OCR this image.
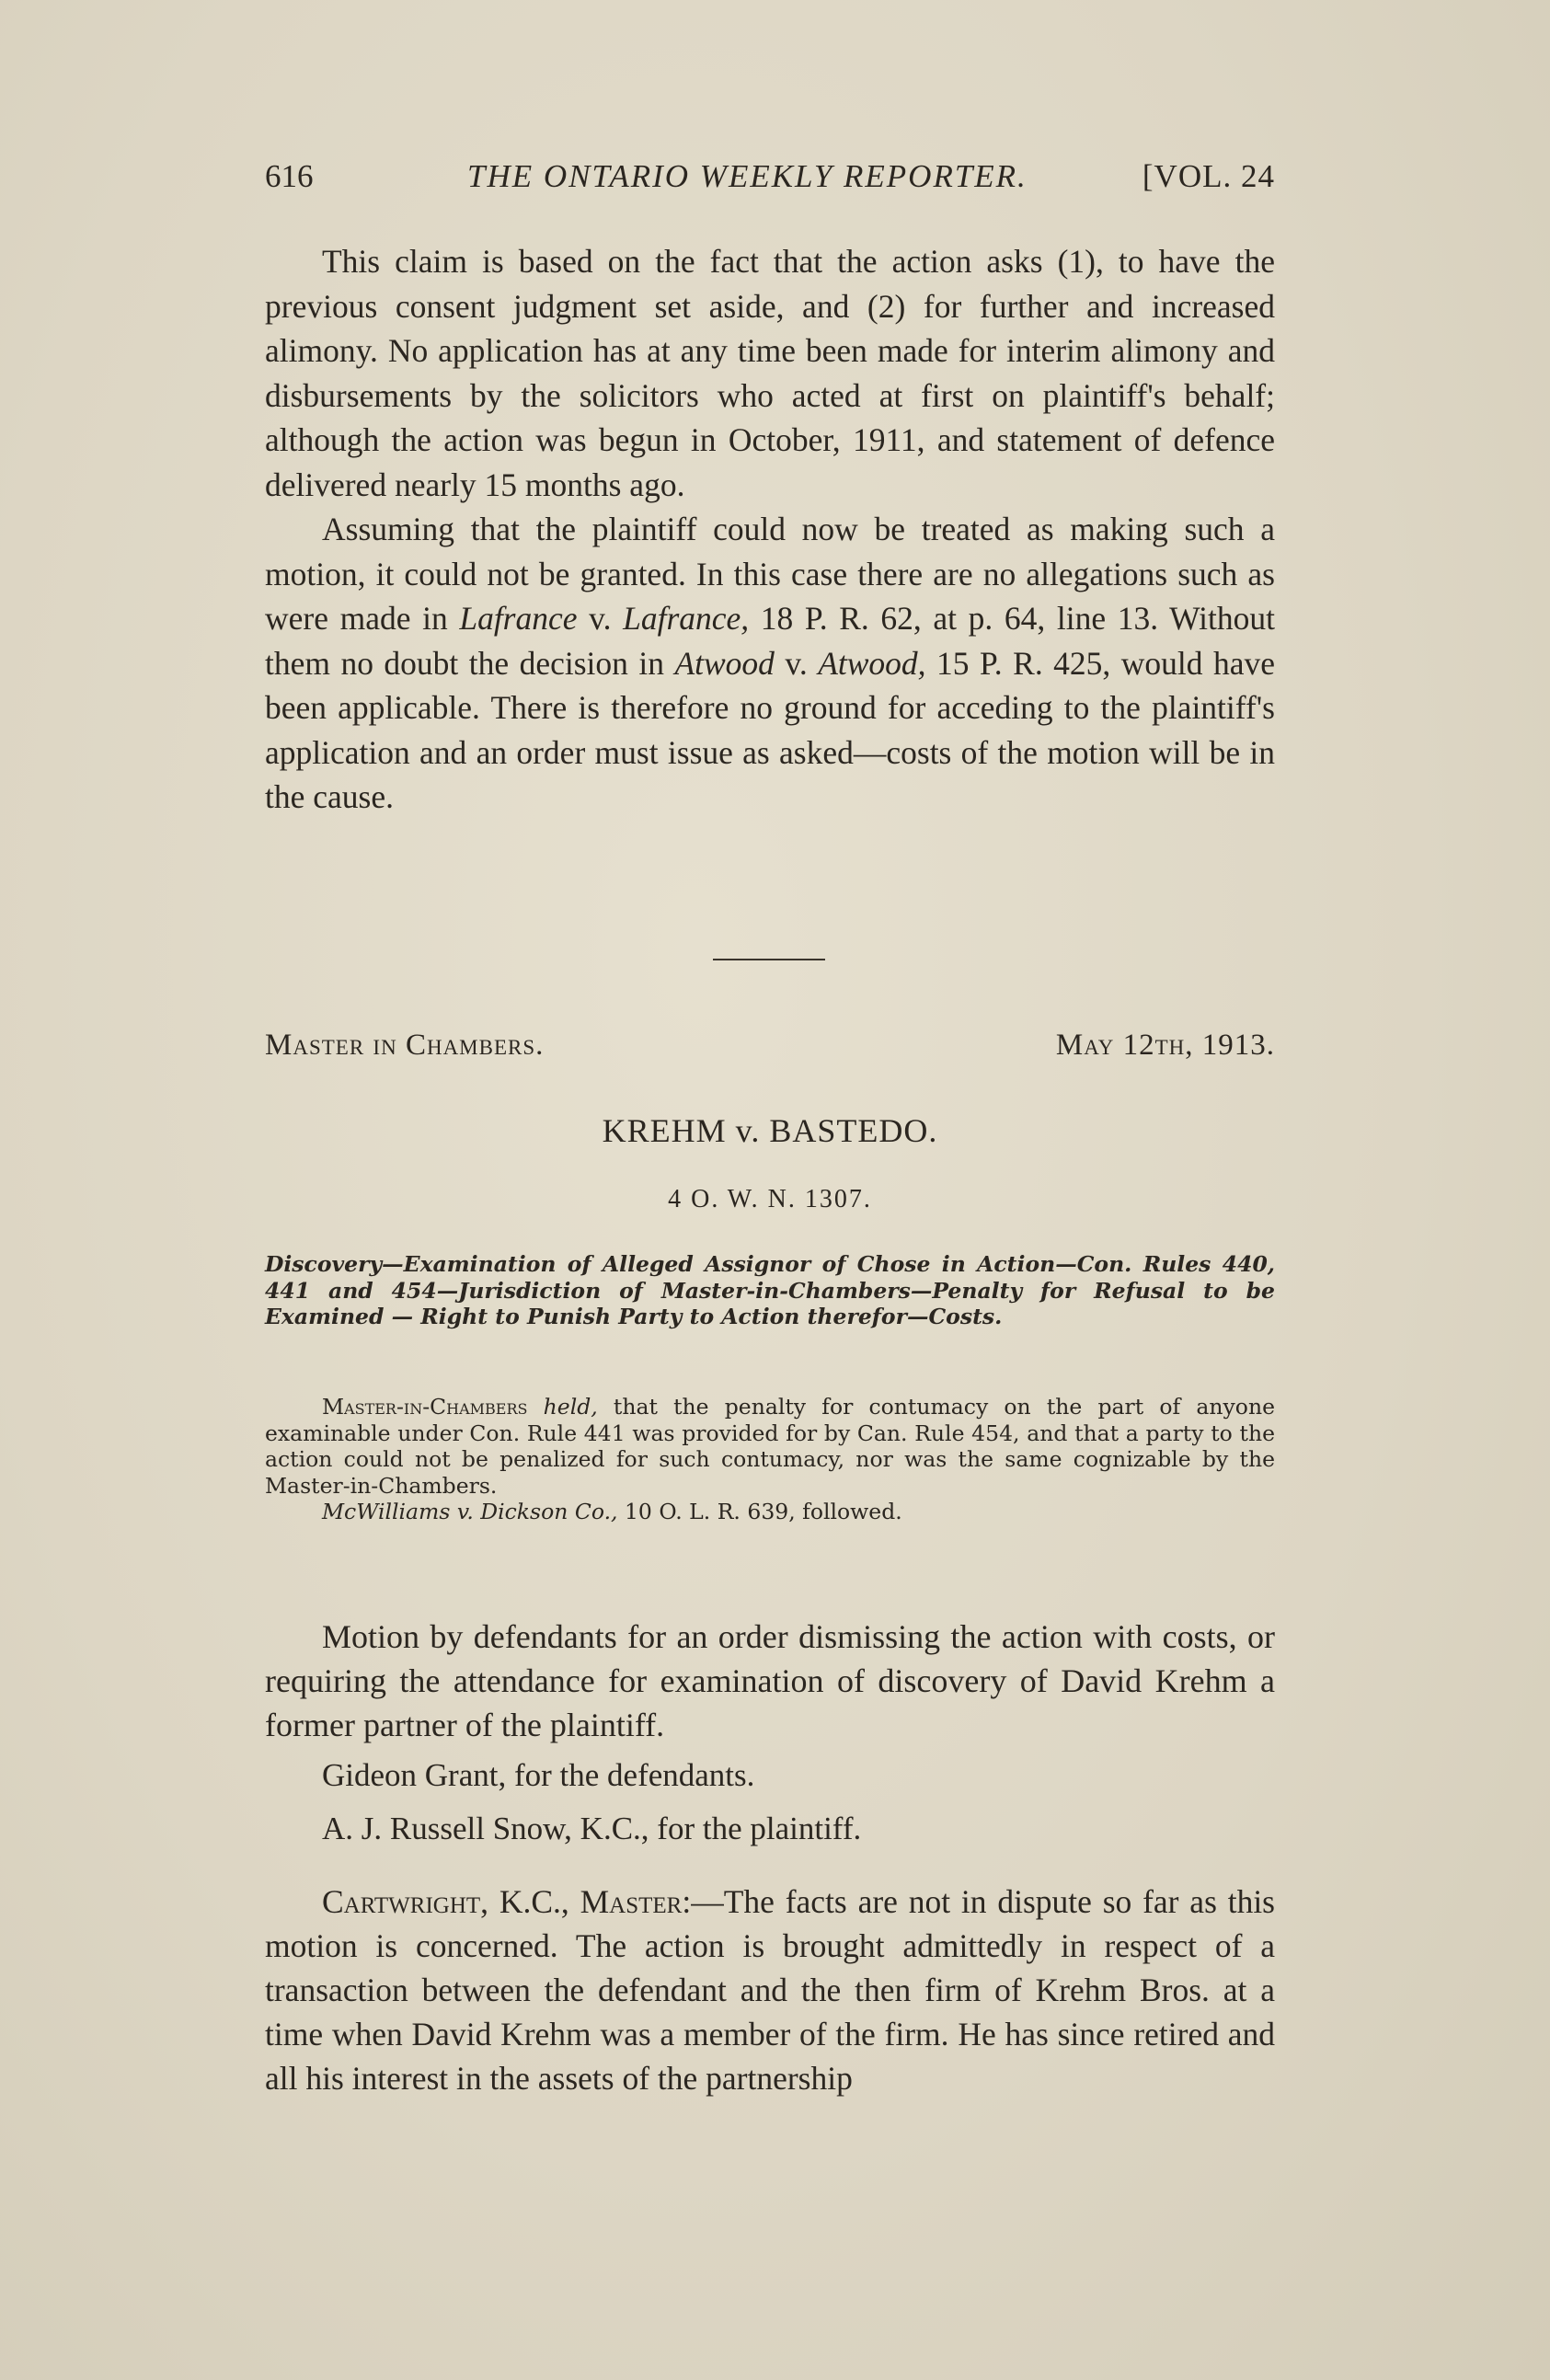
616	THE ONTARIO WEEKLY REPORTER.	[VOL. 24

This claim is based on the fact that the action asks (1), to have the previous consent judgment set aside, and (2) for further and increased alimony. No application has at any time been made for interim alimony and disbursements by the solicitors who acted at first on plaintiff's behalf; although the action was begun in October, 1911, and statement of defence delivered nearly 15 months ago.

Assuming that the plaintiff could now be treated as making such a motion, it could not be granted. In this case there are no allegations such as were made in Lafrance v. Lafrance, 18 P. R. 62, at p. 64, line 13. Without them no doubt the decision in Atwood v. Atwood, 15 P. R. 425, would have been applicable. There is therefore no ground for acceding to the plaintiff's application and an order must issue as asked—costs of the motion will be in the cause.

Master in Chambers.	May 12th, 1913.
KREHM v. BASTEDO.
4 O. W. N. 1307.
Discovery—Examination of Alleged Assignor of Chose in Action—Con. Rules 440, 441 and 454—Jurisdiction of Master-in-Chambers—Penalty for Refusal to be Examined — Right to Punish Party to Action therefor—Costs.
Master-in-Chambers held, that the penalty for contumacy on the part of anyone examinable under Con. Rule 441 was provided for by Can. Rule 454, and that a party to the action could not be penalized for such contumacy, nor was the same cognizable by the Master-in-Chambers.
McWilliams v. Dickson Co., 10 O. L. R. 639, followed.
Motion by defendants for an order dismissing the action with costs, or requiring the attendance for examination of discovery of David Krehm a former partner of the plaintiff.
Gideon Grant, for the defendants.
A. J. Russell Snow, K.C., for the plaintiff.
Cartwright, K.C., Master:—The facts are not in dispute so far as this motion is concerned. The action is brought admittedly in respect of a transaction between the defendant and the then firm of Krehm Bros. at a time when David Krehm was a member of the firm. He has since retired and all his interest in the assets of the partnership
